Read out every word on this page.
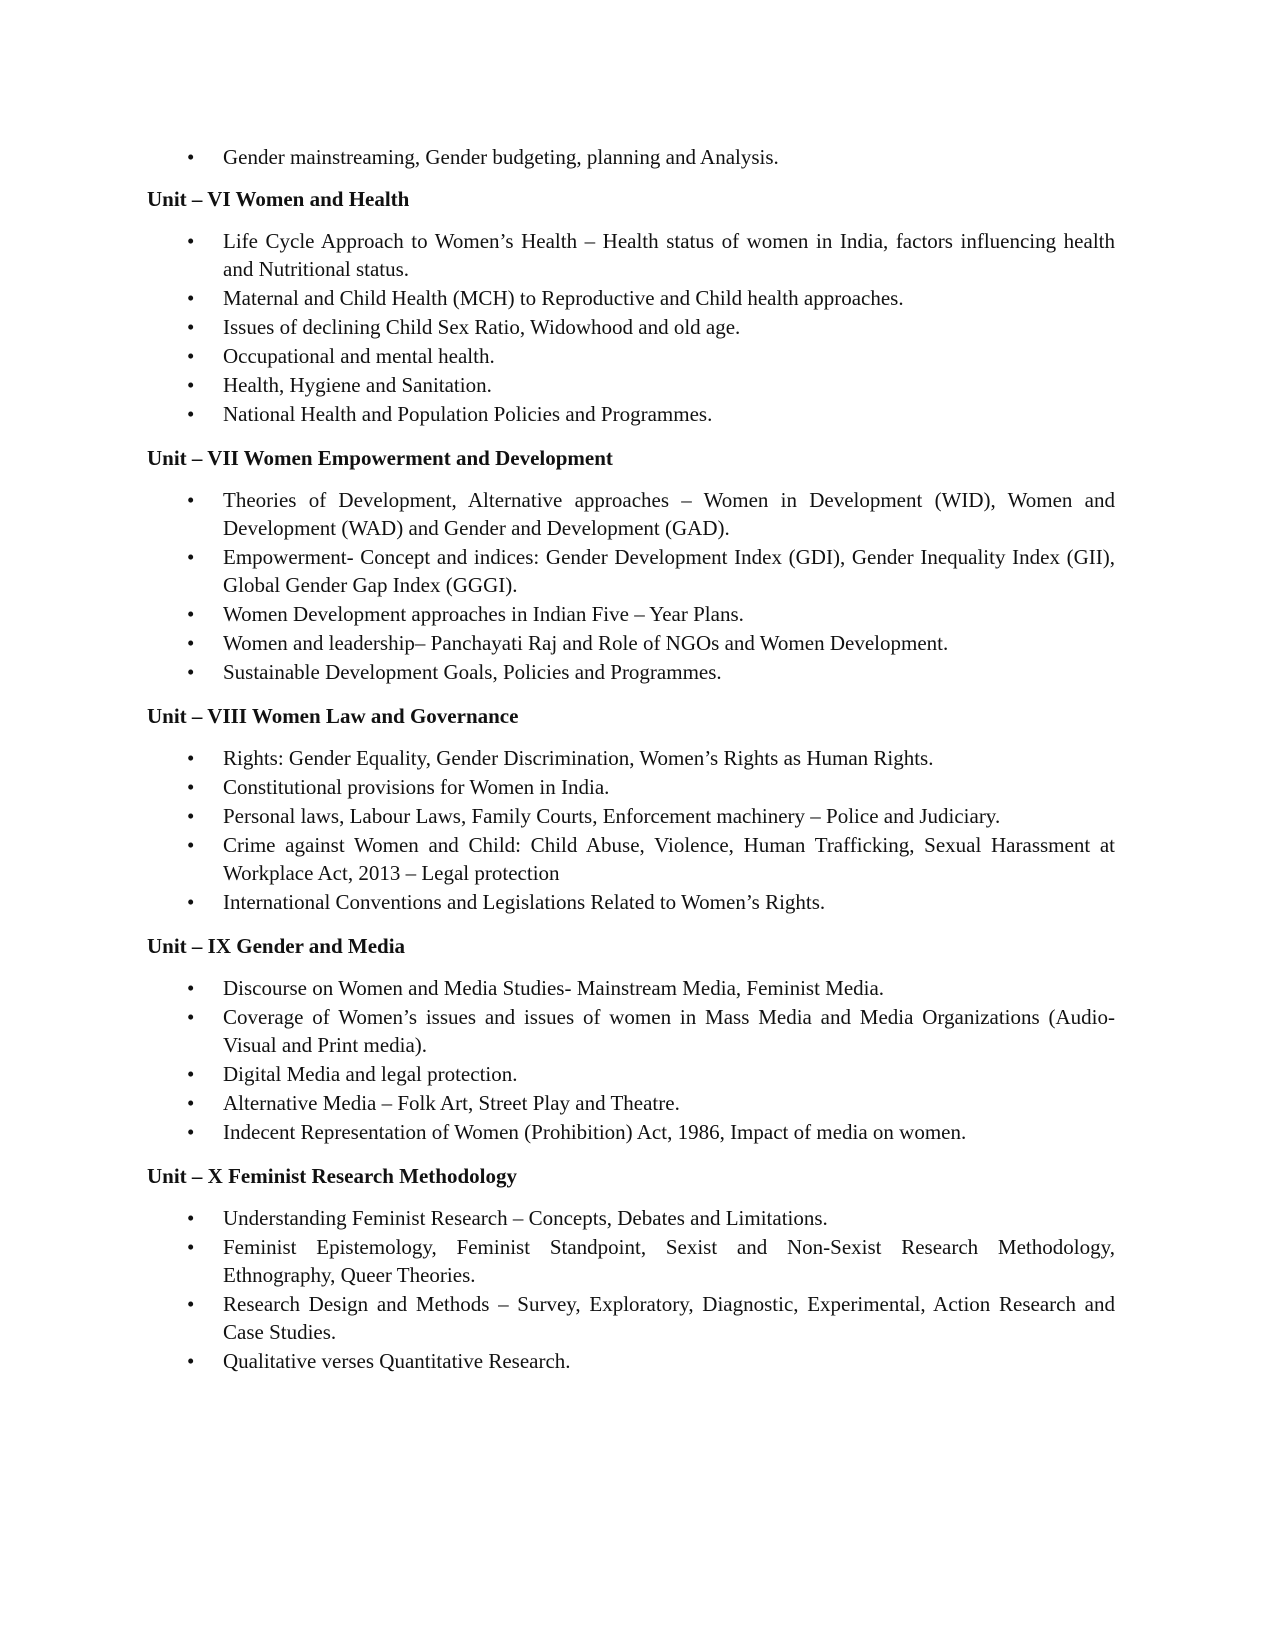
• Gender mainstreaming, Gender budgeting, planning and Analysis.
Unit – VI Women and Health
• Life Cycle Approach to Women’s Health – Health status of women in India, factors influencing health and Nutritional status.
• Maternal and Child Health (MCH) to Reproductive and Child health approaches.
• Issues of declining Child Sex Ratio, Widowhood and old age.
• Occupational and mental health.
• Health, Hygiene and Sanitation.
• National Health and Population Policies and Programmes.
Unit – VII Women Empowerment and Development
• Theories of Development, Alternative approaches – Women in Development (WID), Women and Development (WAD) and Gender and Development (GAD).
• Empowerment- Concept and indices: Gender Development Index (GDI), Gender Inequality Index (GII), Global Gender Gap Index (GGGI).
• Women Development approaches in Indian Five – Year Plans.
• Women and leadership– Panchayati Raj and Role of NGOs and Women Development.
• Sustainable Development Goals, Policies and Programmes.
Unit – VIII Women Law and Governance
• Rights: Gender Equality, Gender Discrimination, Women’s Rights as Human Rights.
• Constitutional provisions for Women in India.
• Personal laws, Labour Laws, Family Courts, Enforcement machinery – Police and Judiciary.
• Crime against Women and Child: Child Abuse, Violence, Human Trafficking, Sexual Harassment at Workplace Act, 2013 – Legal protection
• International Conventions and Legislations Related to Women’s Rights.
Unit – IX Gender and Media
• Discourse on Women and Media Studies- Mainstream Media, Feminist Media.
• Coverage of Women’s issues and issues of women in Mass Media and Media Organizations (Audio-Visual and Print media).
• Digital Media and legal protection.
• Alternative Media – Folk Art, Street Play and Theatre.
• Indecent Representation of Women (Prohibition) Act, 1986, Impact of media on women.
Unit – X Feminist Research Methodology
• Understanding Feminist Research – Concepts, Debates and Limitations.
• Feminist Epistemology, Feminist Standpoint, Sexist and Non-Sexist Research Methodology, Ethnography, Queer Theories.
• Research Design and Methods – Survey, Exploratory, Diagnostic, Experimental, Action Research and Case Studies.
• Qualitative verses Quantitative Research.
